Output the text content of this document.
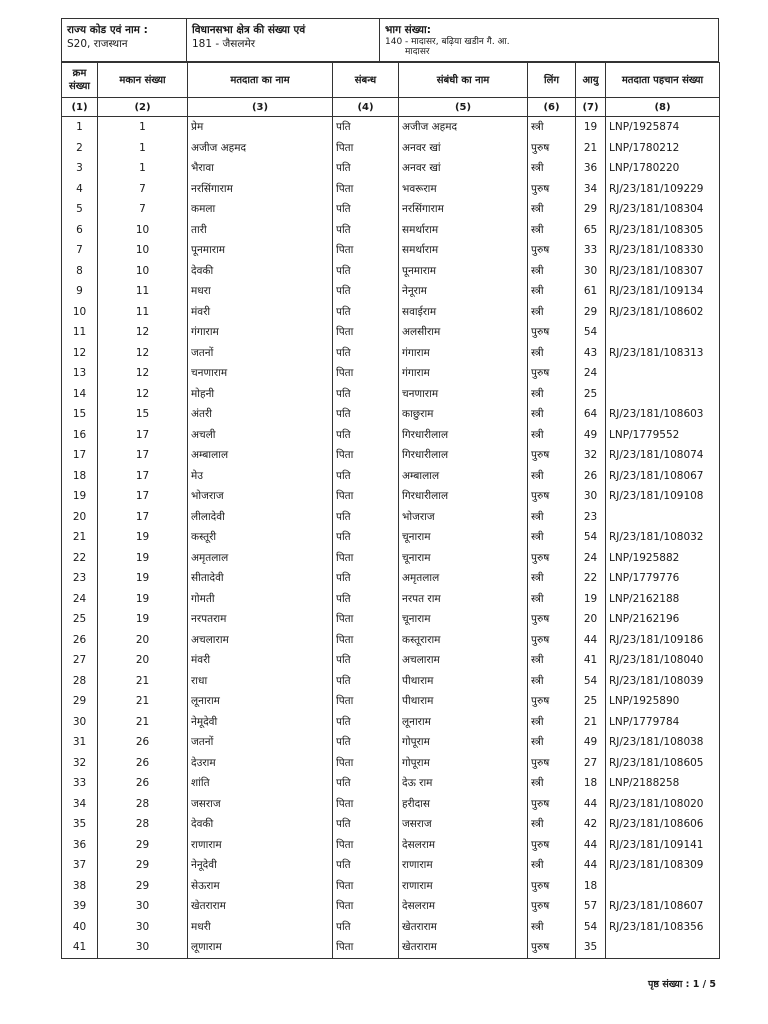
राज्य कोड एवं नाम :
S20, राजस्थान
विधानसभा क्षेत्र की संख्या एवं
181 - जैसलमेर
भाग संख्या:
140 - मादासर, बढ़िया खडीन गै. आ.
मादासर
क्रम संख्या	मकान संख्या	मतदाता का नाम	संबन्ध	संबंधी का नाम	लिंग	आयु	मतदाता पहचान संख्या
(1)	(2)	(3)	(4)	(5)	(6)	(7)	(8)
1	1	प्रेम	पति	अजीज अहमद	स्त्री	19	LNP/1925874
2	1	अजीज अहमद	पिता	अनवर खां	पुरुष	21	LNP/1780212
3	1	भैरावा	पति	अनवर खां	स्त्री	36	LNP/1780220
4	7	नरसिंगाराम	पिता	भवरूराम	पुरुष	34	RJ/23/181/109229
5	7	कमला	पति	नरसिंगाराम	स्त्री	29	RJ/23/181/108304
6	10	तारी	पति	समर्थाराम	स्त्री	65	RJ/23/181/108305
7	10	पूनमाराम	पिता	समर्थाराम	पुरुष	33	RJ/23/181/108330
8	10	देवकी	पति	पूनमाराम	स्त्री	30	RJ/23/181/108307
9	11	मधरा	पति	नेनूराम	स्त्री	61	RJ/23/181/109134
10	11	मंवरी	पति	सवाईराम	स्त्री	29	RJ/23/181/108602
11	12	गंगाराम	पिता	अलसीराम	पुरुष	54	
12	12	जतनों	पति	गंगाराम	स्त्री	43	RJ/23/181/108313
13	12	चनणाराम	पिता	गंगाराम	पुरुष	24	
14	12	मोहनी	पति	चनणाराम	स्त्री	25	
15	15	अंतरी	पति	काछुराम	स्त्री	64	RJ/23/181/108603
16	17	अचली	पति	गिरधारीलाल	स्त्री	49	LNP/1779552
17	17	अम्बालाल	पिता	गिरधारीलाल	पुरुष	32	RJ/23/181/108074
18	17	मेउ	पति	अम्बालाल	स्त्री	26	RJ/23/181/108067
19	17	भोजराज	पिता	गिरधारीलाल	पुरुष	30	RJ/23/181/109108
20	17	लीलादेवी	पति	भोजराज	स्त्री	23	
21	19	कस्तूरी	पति	चूनाराम	स्त्री	54	RJ/23/181/108032
22	19	अमृतलाल	पिता	चूनाराम	पुरुष	24	LNP/1925882
23	19	सीतादेवी	पति	अमृतलाल	स्त्री	22	LNP/1779776
24	19	गोमती	पति	नरपत राम	स्त्री	19	LNP/2162188
25	19	नरपतराम	पिता	चूनाराम	पुरुष	20	LNP/2162196
26	20	अचलाराम	पिता	कस्तूराराम	पुरुष	44	RJ/23/181/109186
27	20	मंवरी	पति	अचलाराम	स्त्री	41	RJ/23/181/108040
28	21	राधा	पति	पीथाराम	स्त्री	54	RJ/23/181/108039
29	21	लूनाराम	पिता	पीथाराम	पुरुष	25	LNP/1925890
30	21	नेमूदेवी	पति	लूनाराम	स्त्री	21	LNP/1779784
31	26	जतनों	पति	गोपूराम	स्त्री	49	RJ/23/181/108038
32	26	देउराम	पिता	गोपूराम	पुरुष	27	RJ/23/181/108605
33	26	शांति	पति	देऊ राम	स्त्री	18	LNP/2188258
34	28	जसराज	पिता	हरीदास	पुरुष	44	RJ/23/181/108020
35	28	देवकी	पति	जसराज	स्त्री	42	RJ/23/181/108606
36	29	राणाराम	पिता	देसलराम	पुरुष	44	RJ/23/181/109141
37	29	नेनूदेवी	पति	राणाराम	स्त्री	44	RJ/23/181/108309
38	29	सेऊराम	पिता	राणाराम	पुरुष	18	
39	30	खेतराराम	पिता	देसलराम	पुरुष	57	RJ/23/181/108607
40	30	मधरी	पति	खेतराराम	स्त्री	54	RJ/23/181/108356
41	30	लूणाराम	पिता	खेतराराम	पुरुष	35	
पृष्ठ संख्या : 1 / 5
